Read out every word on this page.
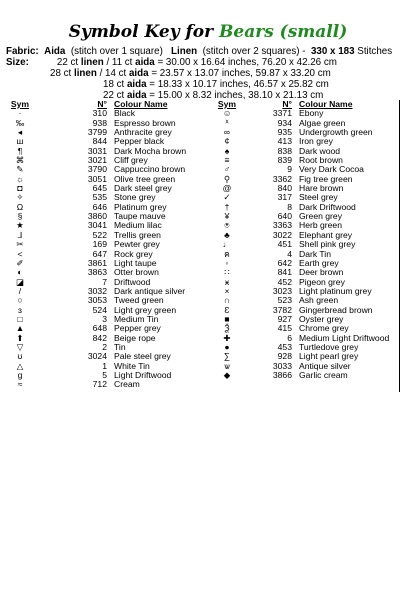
Symbol Key for Bears (small)
Fabric: Aida (stitch over 1 square) Linen (stitch over 2 squares) - 330 x 183 Stitches
Size:	22 ct linen / 11 ct aida = 30.00 x 16.64 inches, 76.20 x 42.26 cm
28 ct linen / 14 ct aida = 23.57 x 13.07 inches, 59.87 x 33.20 cm
18 ct aida = 18.33 x 10.17 inches, 46.57 x 25.82 cm
22 ct aida = 15.00 x 8.32 inches, 38.10 x 21.13 cm
Sym	N° Colour Name
·	310 Black
‰	938 Espresso brown
◂	3799 Anthracite grey
ш	844 Pepper black
¶	3031 Dark Mocha brown
⌘	3021 Cliff grey
✎	3790 Cappuccino brown
☼	3051 Olive tree green
◘	645 Dark steel grey
✧	535 Stone grey
Ω	646 Platinum grey
§	3860 Taupe mauve
★	3041 Medium lilac
⅃	522 Trellis green
✂	169 Pewter grey
<	647 Rock grey
✐	3861 Light taupe
◐	3863 Otter brown
◪	7 Driftwood
/	3032 Dark antique silver
○	3053 Tweed green
ɜ	524 Light grey green
□	3 Medium Tin
▲	648 Pepper grey
⬆	842 Beige rope
▽	2 Tin
ʊ	3024 Pale steel grey
△	1 White Tin
g	5 Light Driftwood
≈	712 Cream
Sym	N° Colour Name
☺	3371 Ebony
ᕁ	934 Algae green
∞	935 Undergrowth green
¢	413 Iron grey
♠	838 Dark wood
≡	839 Root brown
♂	9 Very Dark Cocoa
⚲	3362 Fig tree green
@	840 Hare brown
✓	317 Steel grey
†	8 Dark Driftwood
¥	640 Green grey
⍟	3363 Herb green
♣	3022 Elephant grey
♩	451 Shell pink grey
ฅ	4 Dark Tin
◦	642 Earth grey
∷	841 Deer brown
ӿ	452 Pigeon grey
×	3023 Light platinum grey
∩	523 Ash green
Ɛ	3782 Gingerbread brown
■	927 Oyster grey
Ѯ	415 Chrome grey
✚	6 Medium Light Driftwood
●	453 Turtledove grey
∑	928 Light pearl grey
ѡ	3033 Antique silver
◆	3866 Garlic cream
